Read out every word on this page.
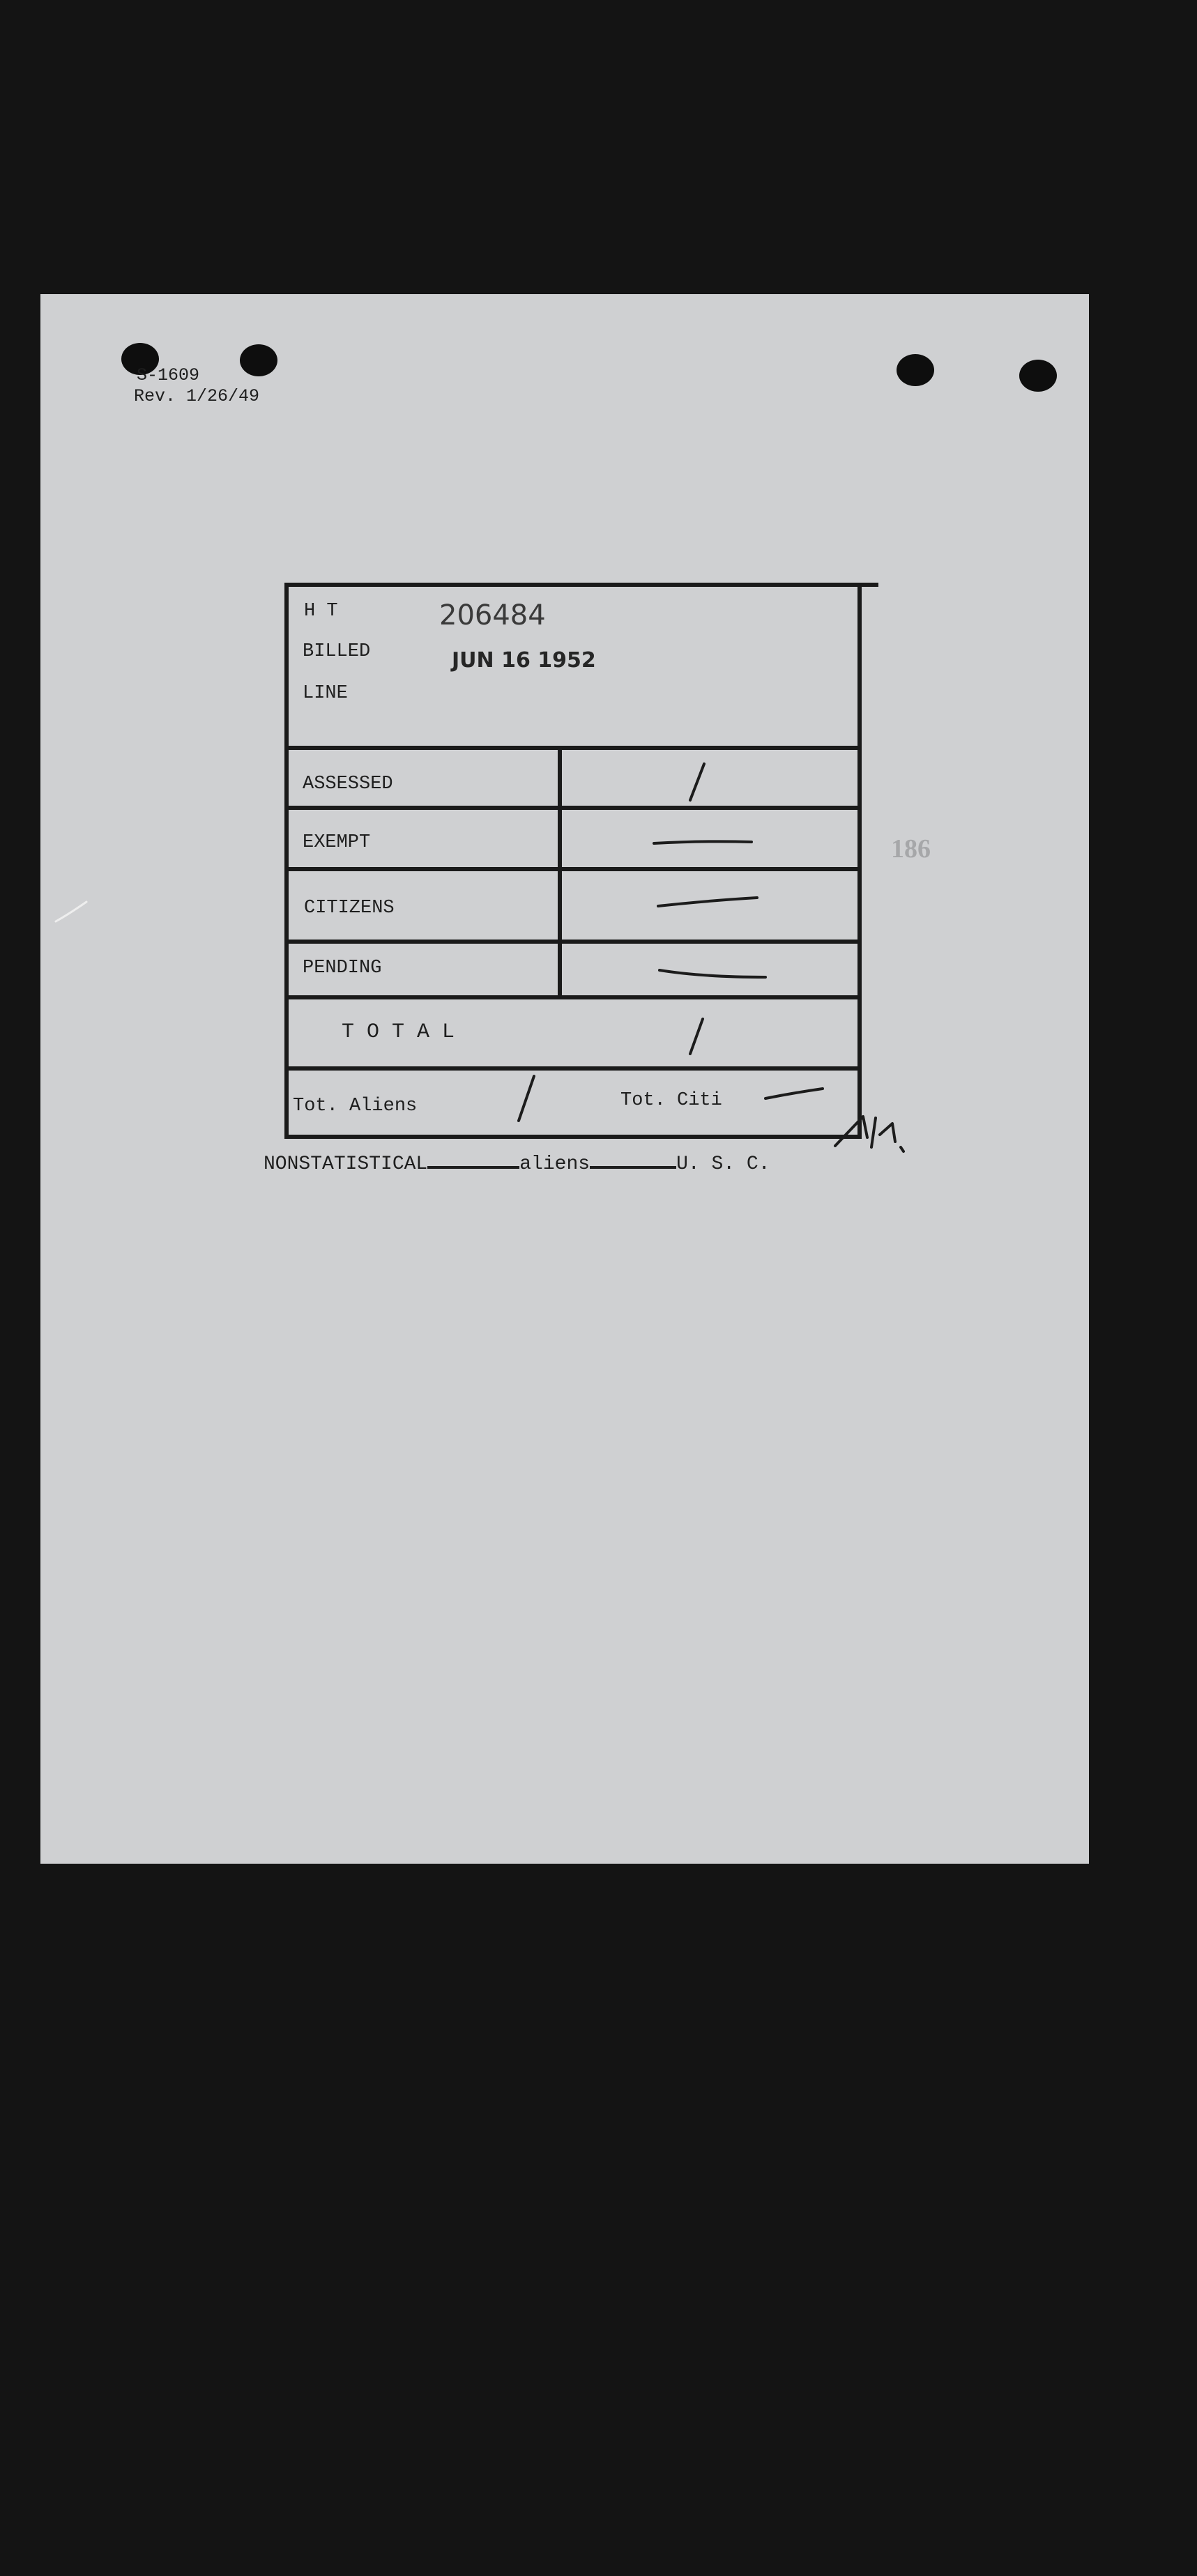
S-1609
Rev. 1/26/49
186
H T
BILLED
LINE
206484
JUN 16 1952
ASSESSED
EXEMPT
CITIZENS
PENDING
T O T A L
Tot. Aliens	Tot. Citi
NONSTATISTICAL	aliens	U. S. C.
